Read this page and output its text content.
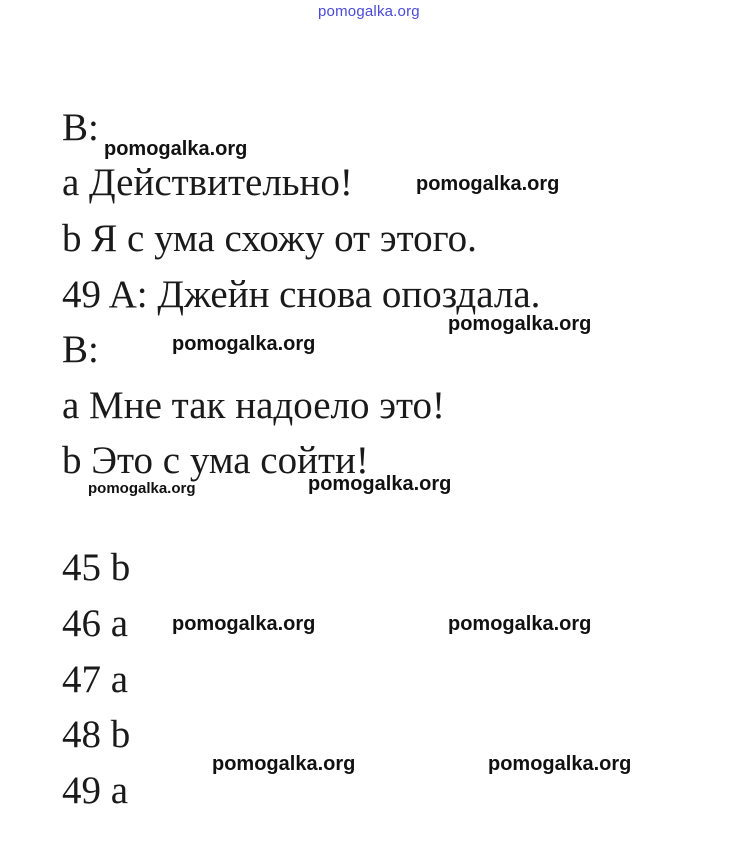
pomogalka.org
B:
a Действительно!
b Я с ума схожу от этого.
49 A: Джейн снова опоздала.
B:
a Мне так надоело это!
b Это с ума сойти!
45 b
46 a
47 a
48 b
49 a
pomogalka.org
pomogalka.org
pomogalka.org
pomogalka.org
pomogalka.org	pomogalka.org
pomogalka.org	pomogalka.org
pomogalka.org	pomogalka.org
